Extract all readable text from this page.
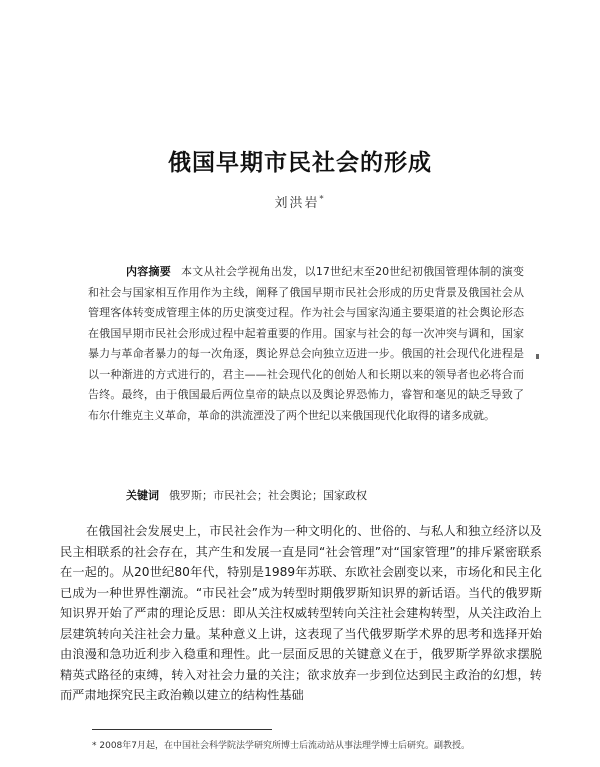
俄国早期市民社会的形成
刘洪岩*
内容摘要 本文从社会学视角出发，以17世纪末至20世纪初俄国管理体制的演变和社会与国家相互作用作为主线，阐释了俄国早期市民社会形成的历史背景及俄国社会从管理客体转变成管理主体的历史演变过程。作为社会与国家沟通主要渠道的社会舆论形态在俄国早期市民社会形成过程中起着重要的作用。国家与社会的每一次冲突与调和，国家暴力与革命者暴力的每一次角逐，舆论界总会向独立迈进一步。俄国的社会现代化进程是以一种渐进的方式进行的，君主——社会现代化的创始人和长期以来的领导者也必将合而告终。最终，由于俄国最后两位皇帝的缺点以及舆论界恐怖力，睿智和毫见的缺乏导致了布尔什维克主义革命，革命的洪流湮没了两个世纪以来俄国现代化取得的诸多成就。
关键词 俄罗斯；市民社会；社会舆论；国家政权
在俄国社会发展史上，市民社会作为一种文明化的、世俗的、与私人和独立经济以及民主相联系的社会存在，其产生和发展一直是同“社会管理”对“国家管理”的排斥紧密联系在一起的。从20世纪80年代，特别是1989年苏联、东欧社会剧变以来，市场化和民主化已成为一种世界性潮流。“市民社会”成为转型时期俄罗斯知识界的新话语。当代的俄罗斯知识界开始了严肃的理论反思：即从关注权威转型转向关注社会建构转型，从关注政治上层建筑转向关注社会力量。某种意义上讲，这表现了当代俄罗斯学术界的思考和选择开始由浪漫和急功近利步入稳重和理性。此一层面反思的关键意义在于，俄罗斯学界欲求摆脱精英式路径的束缚，转入对社会力量的关注；欲求放弃一步到位达到民主政治的幻想，转而严肃地探究民主政治赖以建立的结构性基础
* 2008年7月起，在中国社会科学院法学研究所博士后流动站从事法理学博士后研究。副教授。
